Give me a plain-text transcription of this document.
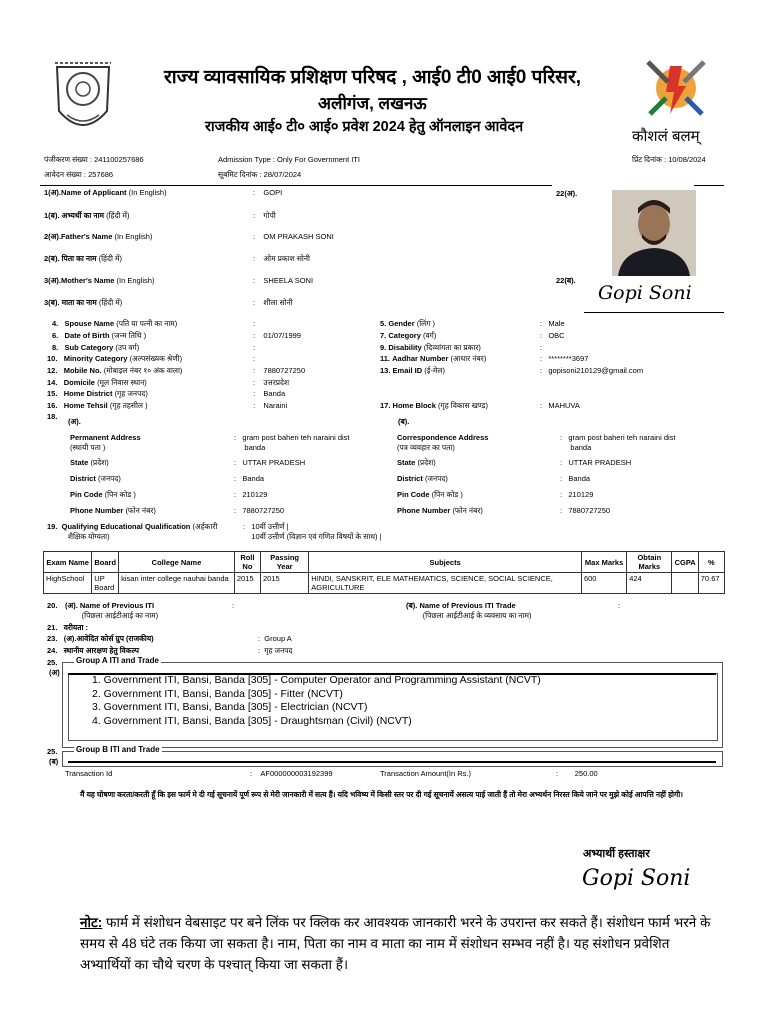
कौशलं बलम्
राज्य व्यावसायिक प्रशिक्षण परिषद , आई0 टी0 आई0 परिसर,
अलीगंज, लखनऊ
राजकीय आई० टी० आई० प्रवेश 2024 हेतु ऑनलाइन आवेदन
पंजीकरण संख्या : 241100257686
आवेदन संख्या : 257686
Admission Type : Only For Government ITI
सूबमिट दिनांक : 28/07/2024
प्रिंट दिनांक : 10/08/2024
1(अ).Name of Applicant (In English)	:    GOPI
1(ब). अभ्यर्थी का नाम (हिंदी में)	:    गोपी
2(अ).Father's Name (In English)	:    OM PRAKASH SONI
2(ब). पिता का नाम (हिंदी में)	:    ओम प्रकाश सोनी
3(अ).Mother's Name (In English)	:    SHEELA SONI
3(ब). माता का नाम (हिंदी में)	:    शीला सोनी
22(अ).
22(ब).
Gopi Soni
4. Spouse Name (पति या पत्नी का नाम)	:
6. Date of Birth (जन्म तिथि )	:    01/07/1999
8. Sub Category (उप वर्ग)	:
10. Minority Category (अल्पसंख्यक श्रेणी)	:
12. Mobile No. (मोबाइल नंबर १० अंक वाला)	:    7880727250
14. Domicile (मूल निवास स्थान)	:    उत्तरप्रदेश
15. Home District (गृह जनपद)	:    Banda
16. Home Tehsil (गृह तहसील )	:    Naraini
5. Gender (लिंग )	:   Male
7. Category (वर्ग)	:   OBC
9. Disability (दिव्यांगता का प्रकार)	:
11. Aadhar Number (आधार नंबर)	:   ********3697
13. Email ID (ई-मेल)	:   gopisoni210129@gmail.com
17. Home Block (गृह विकास खण्ड)	:   MAHUVA
18.
(अ).	(ब).
Permanent Address
(स्थायी पता )
:   gram post baheri teh naraini dist
banda
State (प्रदेश)	:   UTTAR PRADESH
District (जनपद)	:   Banda
Pin Code (पिन कोड )	:   210129
Phone Number (फोन नंबर)	:   7880727250
Correspondence Address
(पत्र व्यवहार का पता)
:   gram post baheri teh naraini dist
banda
State (प्रदेश)	:   UTTAR PRADESH
District (जनपद)	:   Banda
Pin Code (पिन कोड )	:   210129
Phone Number (फोन नंबर)	:   7880727250
19. Qualifying Educational Qualification (अर्हकारी
शैक्षिक योग्यता)
:   10वीं उत्तीर्ण |
10वीं उत्तीर्ण (विज्ञान एवं गणित विषयों के साथ) |
Exam Name	Board	College Name	Roll No	Passing Year	Subjects	Max Marks	Obtain Marks	CGPA	%
HighSchool	UP Board	kisan inter college nauhai banda	2015	2015	HINDI, SANSKRIT, ELE MATHEMATICS, SCIENCE, SOCIAL SCIENCE, AGRICULTURE	600	424		70.67
20. (अ). Name of Previous ITI
(पिछला आईटीआई का नाम)
:	(ब). Name of Previous ITI Trade
(पिछला आईटीआई के व्यवसाय का नाम)
:
21. वरीयता :
23. (अ).आवेदित कोर्स ग्रुप (राजकीय)	:  Group A
24. स्थानीय आरक्षण हेतु विकल्प	:  गृह जनपद
25.
(अ)
Group A ITI and Trade
1. Government ITI, Bansi, Banda [305] - Computer Operator and Programming Assistant (NCVT)
2. Government ITI, Bansi, Banda [305] - Fitter (NCVT)
3. Government ITI, Bansi, Banda [305] - Electrician (NCVT)
4. Government ITI, Bansi, Banda [305] - Draughtsman (Civil) (NCVT)
25.
(ब)
Group B ITI and Trade
Transaction Id	:    AF000000003192399	Transaction Amount(In Rs.)	:        250.00
मैं यह घोषणा करता/करती हूँ कि इस फार्म मे दी गई सूचनायें पूर्ण रूप से मेरी जानकारी में सत्य हैं। यदि भविष्य में किसी स्तर पर दी गई सूचनायें असत्य पाई जाती हैं तो मेरा अभ्यर्थन निरस्त किये जाने पर मुझे कोई आपत्ति नहीं होगी।
अभ्यार्थी हस्ताक्षर
Gopi Soni
नोट: फार्म में संशोधन वेबसाइट पर बने लिंक पर क्लिक कर आवश्यक जानकारी भरने के उपरान्त कर सकते हैं। संशोधन फार्म भरने के समय से 48 घंटे तक किया जा सकता है। नाम, पिता का नाम व माता का नाम में संशोधन सम्भव नहीं है। यह संशोधन प्रवेशित अभ्यार्थियों का चौथे चरण के पश्चात् किया जा सकता हैं।
